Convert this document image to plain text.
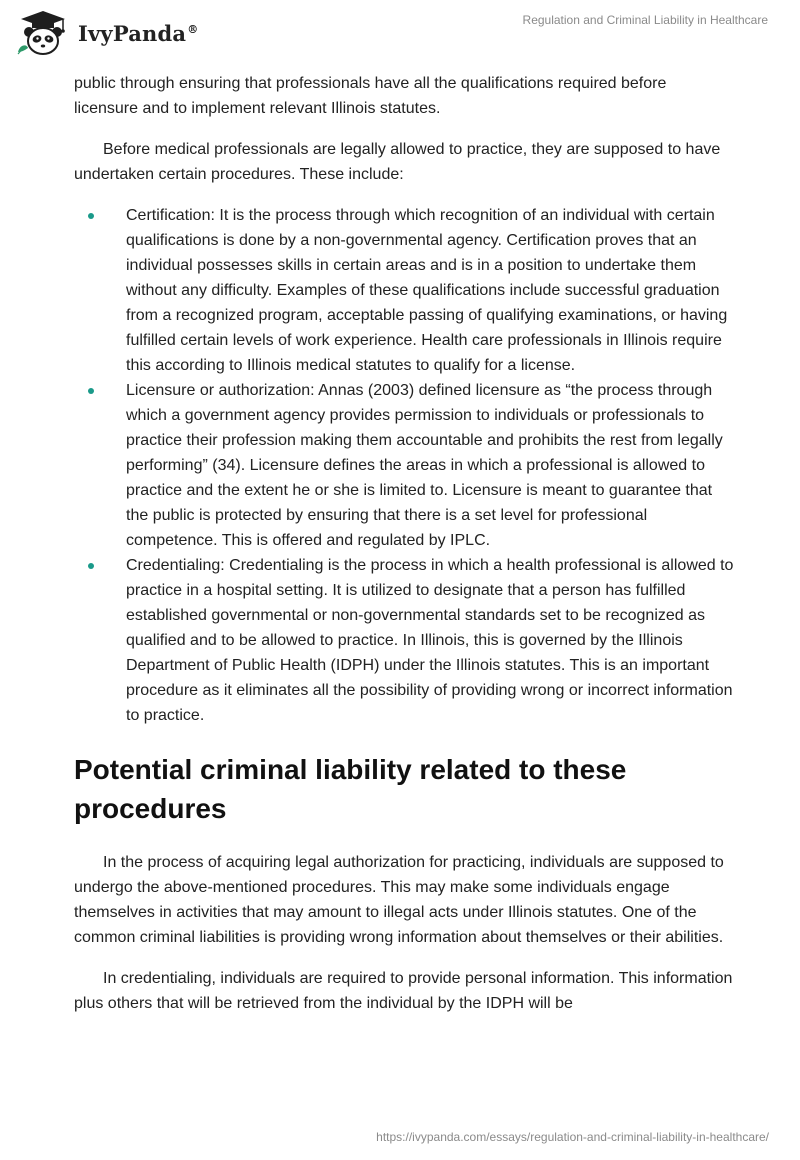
IvyPanda®
Regulation and Criminal Liability in Healthcare

public through ensuring that professionals have all the qualifications required before licensure and to implement relevant Illinois statutes.

Before medical professionals are legally allowed to practice, they are supposed to have undertaken certain procedures. These include:

Certification: It is the process through which recognition of an individual with certain qualifications is done by a non-governmental agency. Certification proves that an individual possesses skills in certain areas and is in a position to undertake them without any difficulty. Examples of these qualifications include successful graduation from a recognized program, acceptable passing of qualifying examinations, or having fulfilled certain levels of work experience. Health care professionals in Illinois require this according to Illinois medical statutes to qualify for a license.
Licensure or authorization: Annas (2003) defined licensure as “the process through which a government agency provides permission to individuals or professionals to practice their profession making them accountable and prohibits the rest from legally performing” (34). Licensure defines the areas in which a professional is allowed to practice and the extent he or she is limited to. Licensure is meant to guarantee that the public is protected by ensuring that there is a set level for professional competence. This is offered and regulated by IPLC.
Credentialing: Credentialing is the process in which a health professional is allowed to practice in a hospital setting. It is utilized to designate that a person has fulfilled established governmental or non-governmental standards set to be recognized as qualified and to be allowed to practice. In Illinois, this is governed by the Illinois Department of Public Health (IDPH) under the Illinois statutes. This is an important procedure as it eliminates all the possibility of providing wrong or incorrect information to practice.
Potential criminal liability related to these procedures

In the process of acquiring legal authorization for practicing, individuals are supposed to undergo the above-mentioned procedures. This may make some individuals engage themselves in activities that may amount to illegal acts under Illinois statutes. One of the common criminal liabilities is providing wrong information about themselves or their abilities.

In credentialing, individuals are required to provide personal information. This information plus others that will be retrieved from the individual by the IDPH will be

https://ivypanda.com/essays/regulation-and-criminal-liability-in-healthcare/
